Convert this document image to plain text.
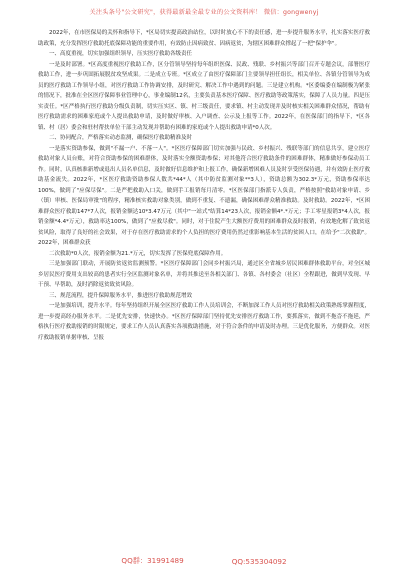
关注头条号"公文研究"，获得最新最全最专业的公文资料库！ 微信：gongwenyj

2022年，在市医保局的关怀和指导下，*区局切实提高政治站位，以时时放心不下的责任感，进一步提升服务水平，扎实落实医疗救助政策，充分发挥医疗救助托底保障功能的重要作用，有效防止因病致贫、因病返贫，为辖区困难群众撑起了一把"保护伞"。

一、高度重视，切实加强组织领导，压实医疗救助各级责任

一是及时部署。*区高度重视医疗救助工作，区分管领导坚持每年组织医保、民政、残联、乡村振兴等部门召开专题会议，部署医疗救助工作，进一步巩固拓展脱贫攻坚成果。二是成立专班。*区成立了由医疗保障部门主要领导担任组长，相关单位、各镇分管领导为成员的医疗救助工作领导小组，对医疗救助工作协调安排，及时研究、解决工作中遇到的问题。三是建立机构。*区委编委在编制极为紧张的情况下，批准在全区医疗保障事业管理中心，事业编制12名，主要负责基本医疗保障、医疗救助等政策落实，保障了人员力量。四是压实责任。*区严格执行医疗救助分级负责制，切实压实区、镇、村三级责任，要求镇、村主动发现并及时核实相关困难群众情况，帮助有医疗救助需求的困难家庭或个人提出救助申请，及时做好审核、入户调查、公示及上报等工作。2022年，在医保部门的指导下，*区各镇、村（居）委会和驻村帮扶单位干部主动发现并帮助有困难的家庭或个人提出救助申请*0人次。

二、协同配合，严格落实动态监测，确保医疗救助精准及时

一是落实资助参保，做到"不漏一户、不落一人"。*区医疗保障部门切实加强与民政、乡村振兴、残联等部门的信息共享，建立医疗救助对象人员台账，对符合资助参保的困难群体，及时落实全额资助参保；对其他符合医疗救助条件的困难群体，精准做好参保动员工作。同时，认真核准新增或退出人员名单信息，及时做好信息维护和上报工作，确保新增困难人员及时享受医保待遇，并有效防止医疗救助基金流失。2022年，*区医疗救助资助参保人数共*44*人（其中防贫监测对象**3人），资助总额为302.3*万元，资助参保率达100%，做到了"应保尽保"。二是严把救助入口关，做到手工报销每月清零。*区医保部门指派专人负责，严格按照"救助对象申请、乡（镇）审核、医保局审批"的程序，精准核实救助对象类别，做到不重复、不遗漏，确保困难群众精准救助。及时救助。2022年，*区困难群众医疗救助147*7人次，报销金额达10*3.47万元（其中"一站式"结算14*23人次，报销金额4*.*万元；手工零星报销3*4人次，报销金额*4.4*万元），救助率达100%，做到了"应救尽救"。同时，对于住院产生大额医疗费用的困难群众及时报销，有效地化解了致贫返贫风险，取得了良好的社会效果，对于存在医疗救助需求的个人负担的医疗费用仍然过重影响基本生活的贫困人口，在给予"二次救助"。2022年，困难群众获

二次救助*0人次，报销金额为21.*万元，切实发挥了医保兜底保障作用。

三是加强部门联动，开展防贫返贫监测预警。*区医疗保障部门会同乡村振兴局，通过区全省城乡居民困难群体救助平台，对全区城乡居民医疗费用支出较高的患者实行全区监测对象名单，并将其推送至各相关部门、各镇、各村委会（社区）全程跟进，做到早发现、早干预、早帮助，及时消除返贫致贫风险。

三、规范流程，提升保障服务水平，推进医疗救助规范增效

一是加强培训，提升水平。每年坚持组织开展全区医疗救助工作人员培训会，不断加深工作人员对医疗救助相关政策熟练掌握程度，进一步提高经办服务水平。二是优先安排，快速快办。*区医疗保障部门坚持优先安排医疗救助工作，要抓落实，做到不拖沓不拖延，严格执行医疗救助报销的时限规定，要求工作人员认真落实各项救助措施，对于符合条件的申请及时办理。三是优化服务，方便群众。对医疗救助报销单据审核、呈报

QQ群：31991489	QQ:535304092
